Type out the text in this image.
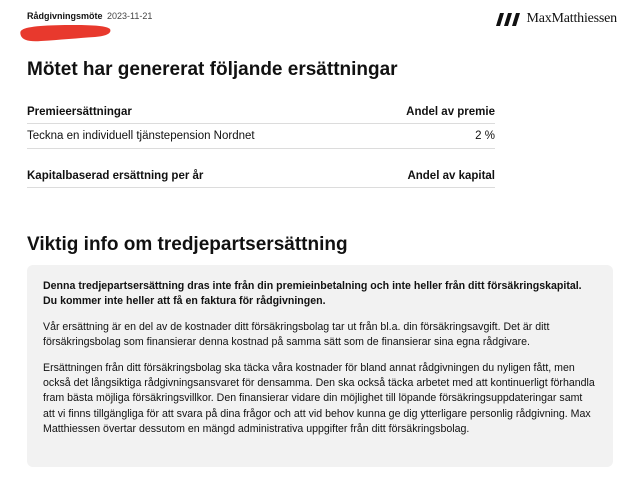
Rådgivningsmöte 2023-11-21	MaxMatthiessen
Mötet har genererat följande ersättningar
Premieersättningar	Andel av premie
Teckna en individuell tjänstepension Nordnet	2 %
Kapitalbaserad ersättning per år	Andel av kapital
Viktig info om tredjepartsersättning

Denna tredjepartsersättning dras inte från din premieinbetalning och inte heller från ditt försäkringskapital. Du kommer inte heller att få en faktura för rådgivningen.

Vår ersättning är en del av de kostnader ditt försäkringsbolag tar ut från bl.a. din försäkringsavgift. Det är ditt försäkringsbolag som finansierar denna kostnad på samma sätt som de finansierar sina egna rådgivare.

Ersättningen från ditt försäkringsbolag ska täcka våra kostnader för bland annat rådgivningen du nyligen fått, men också det långsiktiga rådgivningsansvaret för densamma. Den ska också täcka arbetet med att kontinuerligt förhandla fram bästa möjliga försäkringsvillkor. Den finansierar vidare din möjlighet till löpande försäkringsuppdateringar samt att vi finns tillgängliga för att svara på dina frågor och att vid behov kunna ge dig ytterligare personlig rådgivning. Max Matthiessen övertar dessutom en mängd administrativa uppgifter från ditt försäkringsbolag.
